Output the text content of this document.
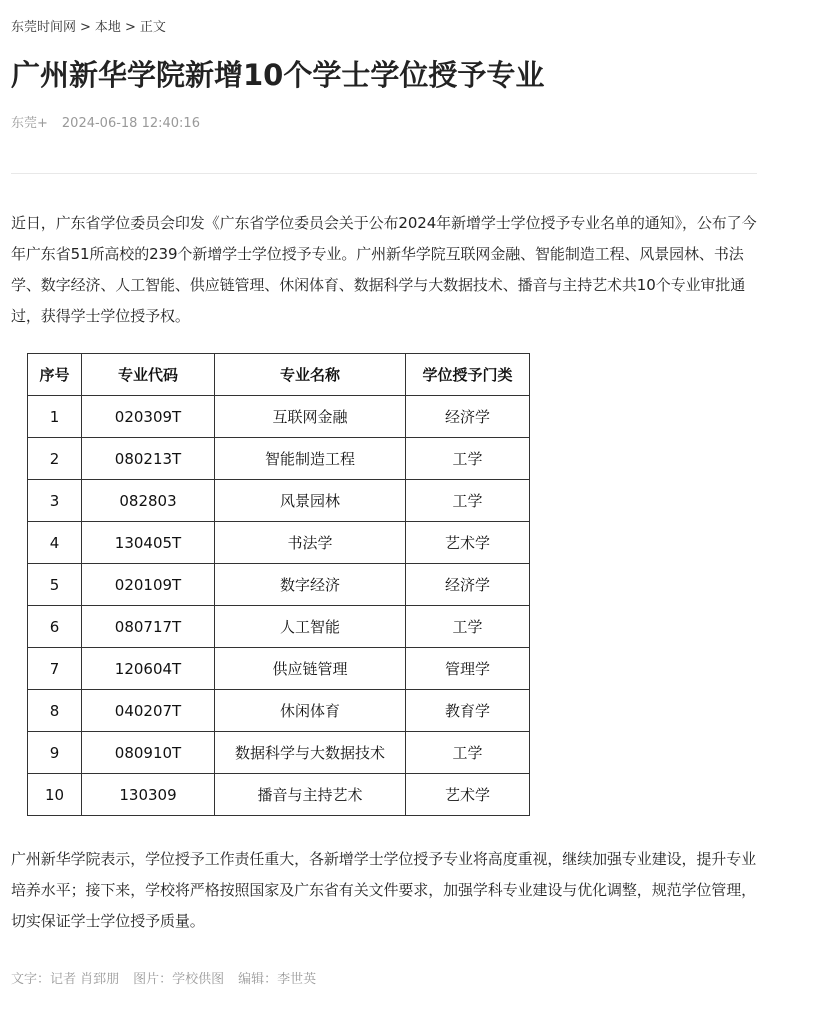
东莞时间网 > 本地 > 正文
广州新华学院新增10个学士学位授予专业
东莞+ 2024-06-18 12:40:16

近日，广东省学位委员会印发《广东省学位委员会关于公布2024年新增学士学位授予专业名单的通知》，公布了今年广东省51所高校的239个新增学士学位授予专业。广州新华学院互联网金融、智能制造工程、风景园林、书法学、数字经济、人工智能、供应链管理、休闲体育、数据科学与大数据技术、播音与主持艺术共10个专业审批通过，获得学士学位授予权。

序号	专业代码	专业名称	学位授予门类
1	020309T	互联网金融	经济学
2	080213T	智能制造工程	工学
3	082803	风景园林	工学
4	130405T	书法学	艺术学
5	020109T	数字经济	经济学
6	080717T	人工智能	工学
7	120604T	供应链管理	管理学
8	040207T	休闲体育	教育学
9	080910T	数据科学与大数据技术	工学
10	130309	播音与主持艺术	艺术学

广州新华学院表示，学位授予工作责任重大，各新增学士学位授予专业将高度重视，继续加强专业建设，提升专业培养水平；接下来，学校将严格按照国家及广东省有关文件要求，加强学科专业建设与优化调整，规范学位管理，切实保证学士学位授予质量。

文字：记者 肖郅朋 图片：学校供图 编辑：李世英
